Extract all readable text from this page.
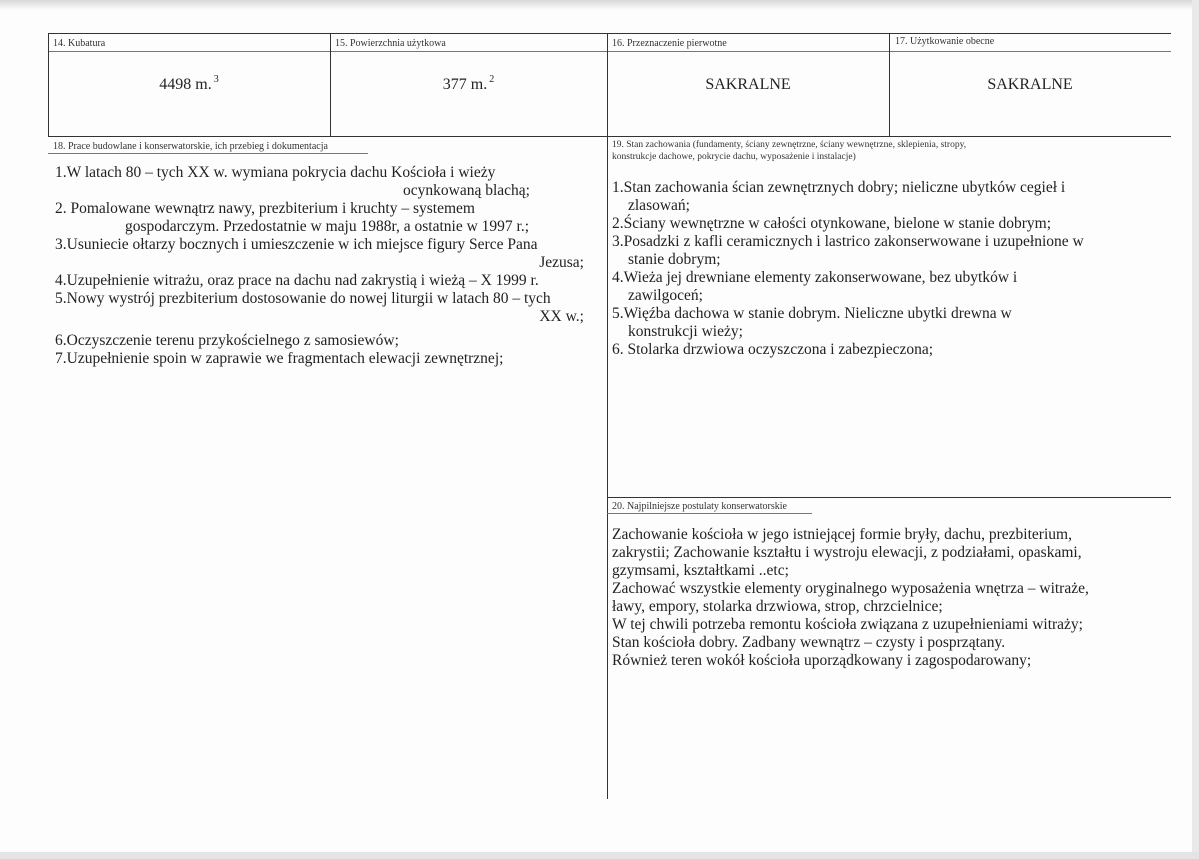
14. Kubatura
4498 m. $^3$
15. Powierzchnia użytkowa
377 m. $^2$
16. Przeznaczenie pierwotne
SAKRALNE
17. Użytkowanie obecne
SAKRALNE
18. Prace budowlane i konserwatorskie, ich przebieg i dokumentacja

1.W latach 80 – tych XX w. wymiana pokrycia dachu Kościoła i wieży

ocynkowaną blachą;

2. Pomalowane wewnątrz nawy, prezbiterium i kruchty – systemem

gospodarczym. Przedostatnie w maju 1988r, a ostatnie w 1997 r.;

3.Usuniecie ołtarzy bocznych i umieszczenie w ich miejsce figury Serce Pana

Jezusa;

4.Uzupełnienie witrażu, oraz prace na dachu nad zakrystią i wieżą – X 1999 r.

5.Nowy wystrój prezbiterium dostosowanie do nowej liturgii w latach 80 – tych

XX w.;

6.Oczyszczenie terenu przykościelnego z samosiewów;

7.Uzupełnienie spoin w zaprawie we fragmentach elewacji zewnętrznej;

19. Stan zachowania (fundamenty, ściany zewnętrzne, ściany wewnętrzne, sklepienia, stropy,
konstrukcje dachowe, pokrycie dachu, wyposażenie i instalacje)

1.Stan zachowania ścian zewnętrznych dobry; nieliczne ubytków cegieł i

zlasowań;

2.Ściany wewnętrzne w całości otynkowane, bielone w stanie dobrym;

3.Posadzki z kafli ceramicznych i lastrico zakonserwowane i uzupełnione w

stanie dobrym;

4.Wieża jej drewniane elementy zakonserwowane, bez ubytków i

zawilgoceń;

5.Więźba dachowa w stanie dobrym. Nieliczne ubytki drewna w

konstrukcji wieży;

6. Stolarka drzwiowa oczyszczona i zabezpieczona;

20. Najpilniejsze postulaty konserwatorskie

Zachowanie kościoła w jego istniejącej formie bryły, dachu, prezbiterium,

zakrystii; Zachowanie kształtu i wystroju elewacji, z podziałami, opaskami,

gzymsami, kształtkami ..etc;

Zachować wszystkie elementy oryginalnego wyposażenia wnętrza – witraże,

ławy, empory, stolarka drzwiowa, strop, chrzcielnice;

W tej chwili potrzeba remontu kościoła związana z uzupełnieniami witraży;

Stan kościoła dobry. Zadbany wewnątrz – czysty i posprzątany.

Również teren wokół kościoła uporządkowany i zagospodarowany;
